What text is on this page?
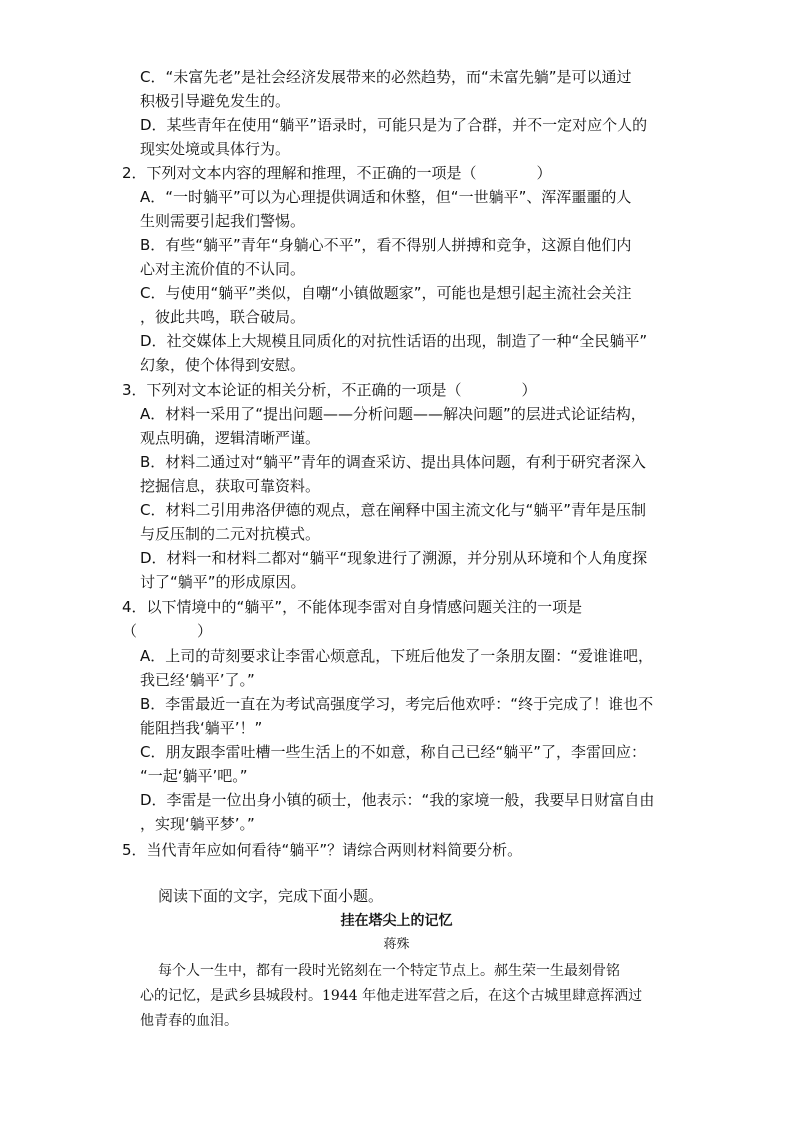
C．“未富先老”是社会经济发展带来的必然趋势，而“未富先躺”是可以通过
积极引导避免发生的。
D．某些青年在使用“躺平”语录时，可能只是为了合群，并不一定对应个人的
现实处境或具体行为。
2．下列对文本内容的理解和推理，不正确的一项是（　　　　）
A．“一时躺平”可以为心理提供调适和休整，但“一世躺平”、浑浑噩噩的人
生则需要引起我们警惕。
B．有些“躺平”青年“身躺心不平”，看不得别人拼搏和竞争，这源自他们内
心对主流价值的不认同。
C．与使用“躺平”类似，自嘲“小镇做题家”，可能也是想引起主流社会关注
，彼此共鸣，联合破局。
D．社交媒体上大规模且同质化的对抗性话语的出现，制造了一种“全民躺平”
幻象，使个体得到安慰。
3．下列对文本论证的相关分析，不正确的一项是（　　　　）
A．材料一采用了“提出问题——分析问题——解决问题”的层进式论证结构，
观点明确，逻辑清晰严谨。
B．材料二通过对“躺平”青年的调查采访、提出具体问题，有利于研究者深入
挖掘信息，获取可靠资料。
C．材料二引用弗洛伊德的观点，意在阐释中国主流文化与“躺平”青年是压制
与反压制的二元对抗模式。
D．材料一和材料二都对“躺平“现象进行了溯源，并分别从环境和个人角度探
讨了“躺平”的形成原因。
4．以下情境中的“躺平”，不能体现李雷对自身情感问题关注的一项是
（　　　　）
A．上司的苛刻要求让李雷心烦意乱，下班后他发了一条朋友圈：“爱谁谁吧，
我已经‘躺平’了。”
B．李雷最近一直在为考试高强度学习，考完后他欢呼：“终于完成了！谁也不
能阻挡我‘躺平’！”
C．朋友跟李雷吐槽一些生活上的不如意，称自己已经“躺平”了，李雷回应：
“一起‘躺平’吧。”
D．李雷是一位出身小镇的硕士，他表示：“我的家境一般，我要早日财富自由
，实现‘躺平梦’。”
5．当代青年应如何看待“躺平”？请综合两则材料简要分析。
阅读下面的文字，完成下面小题。
挂在塔尖上的记忆
蒋殊
每个人一生中，都有一段时光铭刻在一个特定节点上。郝生荣一生最刻骨铭
心的记忆，是武乡县城段村。1944 年他走进军营之后，在这个古城里肆意挥洒过
他青春的血泪。
